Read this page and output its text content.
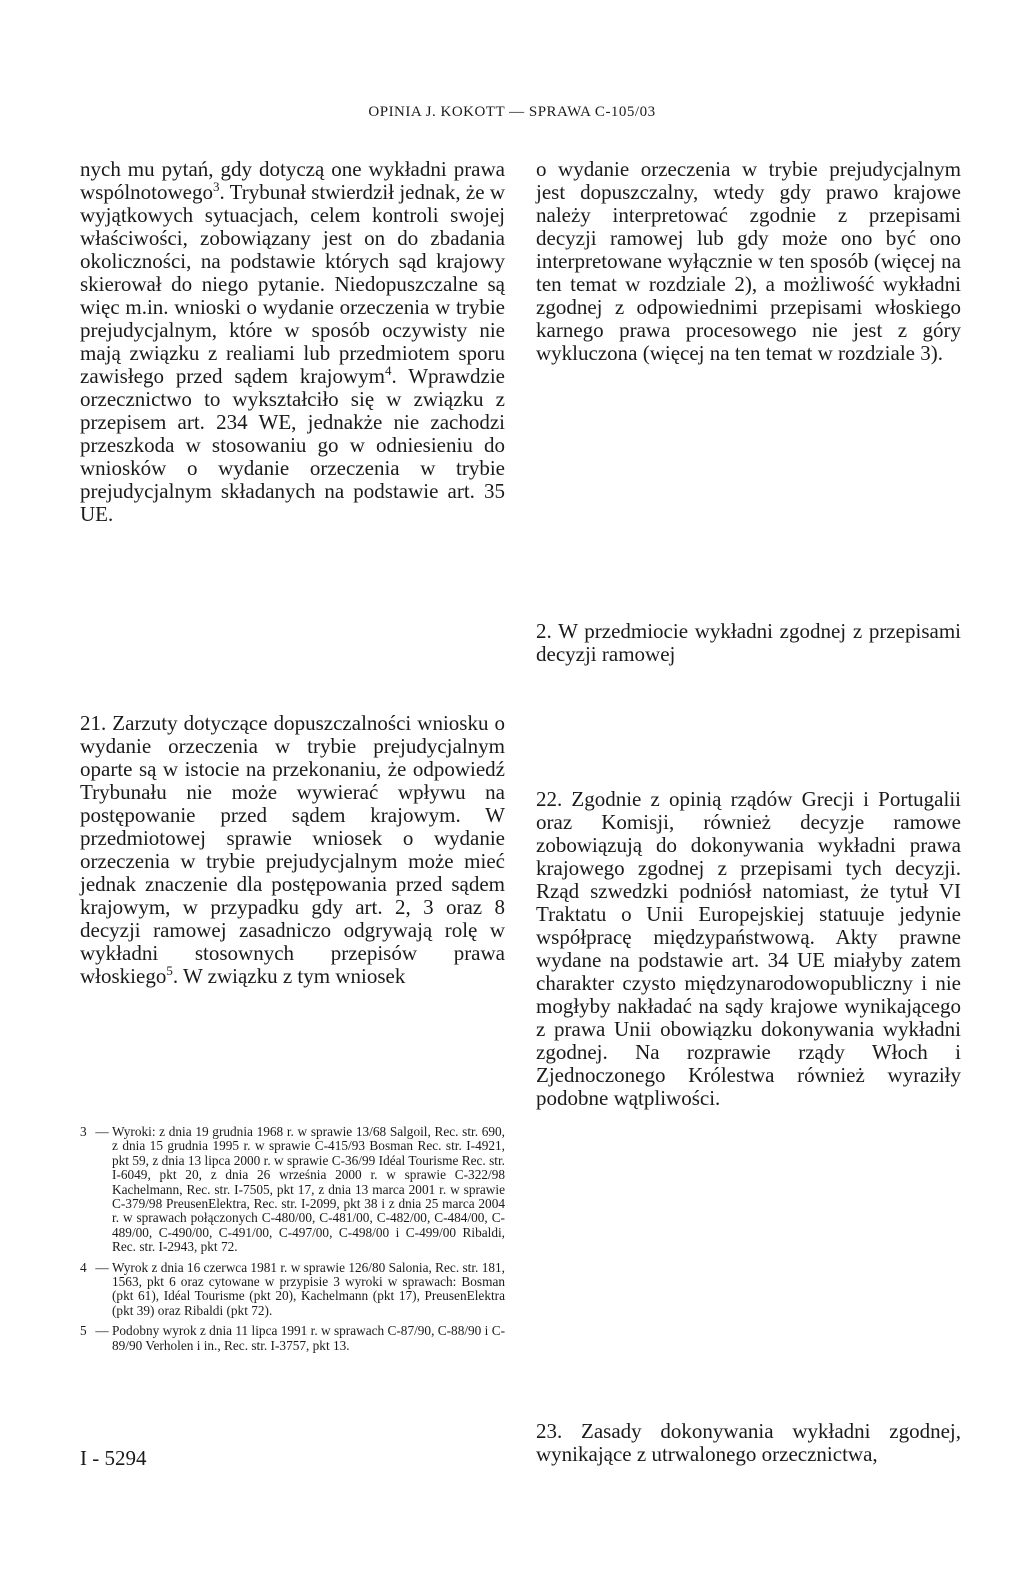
OPINIA J. KOKOTT — SPRAWA C-105/03

nych mu pytań, gdy dotyczą one wykładni prawa wspólnotowego$^3$. Trybunał stwierdził jednak, że w wyjątkowych sytuacjach, celem kontroli swojej właściwości, zobowiązany jest on do zbadania okoliczności, na podstawie których sąd krajowy skierował do niego pytanie. Niedopuszczalne są więc m.in. wnioski o wydanie orzeczenia w trybie prejudycjalnym, które w sposób oczywisty nie mają związku z realiami lub przedmiotem sporu zawisłego przed sądem krajowym$^4$. Wprawdzie orzecznictwo to wykształciło się w związku z przepisem art. 234 WE, jednakże nie zachodzi przeszkoda w stosowaniu go w odniesieniu do wniosków o wydanie orzeczenia w trybie prejudycjalnym składanych na podstawie art. 35 UE.

21. Zarzuty dotyczące dopuszczalności wniosku o wydanie orzeczenia w trybie prejudycjalnym oparte są w istocie na przekonaniu, że odpowiedź Trybunału nie może wywierać wpływu na postępowanie przed sądem krajowym. W przedmiotowej sprawie wniosek o wydanie orzeczenia w trybie prejudycjalnym może mieć jednak znaczenie dla postępowania przed sądem krajowym, w przypadku gdy art. 2, 3 oraz 8 decyzji ramowej zasadniczo odgrywają rolę w wykładni stosownych przepisów prawa włoskiego$^5$. W związku z tym wniosek

3 — Wyroki: z dnia 19 grudnia 1968 r. w sprawie 13/68 Salgoil, Rec. str. 690, z dnia 15 grudnia 1995 r. w sprawie C-415/93 Bosman Rec. str. I-4921, pkt 59, z dnia 13 lipca 2000 r. w sprawie C-36/99 Idéal Tourisme Rec. str. I-6049, pkt 20, z dnia 26 września 2000 r. w sprawie C-322/98 Kachelmann, Rec. str. I-7505, pkt 17, z dnia 13 marca 2001 r. w sprawie C-379/98 PreusenElektra, Rec. str. I-2099, pkt 38 i z dnia 25 marca 2004 r. w sprawach połączonych C-480/00, C-481/00, C-482/00, C-484/00, C-489/00, C-490/00, C-491/00, C-497/00, C-498/00 i C-499/00 Ribaldi, Rec. str. I-2943, pkt 72.
4 — Wyrok z dnia 16 czerwca 1981 r. w sprawie 126/80 Salonia, Rec. str. 181, 1563, pkt 6 oraz cytowane w przypisie 3 wyroki w sprawach: Bosman (pkt 61), Idéal Tourisme (pkt 20), Kachelmann (pkt 17), PreusenElektra (pkt 39) oraz Ribaldi (pkt 72).
5 — Podobny wyrok z dnia 11 lipca 1991 r. w sprawach C-87/90, C-88/90 i C-89/90 Verholen i in., Rec. str. I-3757, pkt 13.
I - 5294

o wydanie orzeczenia w trybie prejudycjalnym jest dopuszczalny, wtedy gdy prawo krajowe należy interpretować zgodnie z przepisami decyzji ramowej lub gdy może ono być ono interpretowane wyłącznie w ten sposób (więcej na ten temat w rozdziale 2), a możliwość wykładni zgodnej z odpowiednimi przepisami włoskiego karnego prawa procesowego nie jest z góry wykluczona (więcej na ten temat w rozdziale 3).

2. W przedmiocie wykładni zgodnej z przepisami decyzji ramowej

22. Zgodnie z opinią rządów Grecji i Portugalii oraz Komisji, również decyzje ramowe zobowiązują do dokonywania wykładni prawa krajowego zgodnej z przepisami tych decyzji. Rząd szwedzki podniósł natomiast, że tytuł VI Traktatu o Unii Europejskiej statuuje jedynie współpracę międzypaństwową. Akty prawne wydane na podstawie art. 34 UE miałyby zatem charakter czysto międzynarodowopubliczny i nie mogłyby nakładać na sądy krajowe wynikającego z prawa Unii obowiązku dokonywania wykładni zgodnej. Na rozprawie rządy Włoch i Zjednoczonego Królestwa również wyraziły podobne wątpliwości.

23. Zasady dokonywania wykładni zgodnej, wynikające z utrwalonego orzecznictwa,
